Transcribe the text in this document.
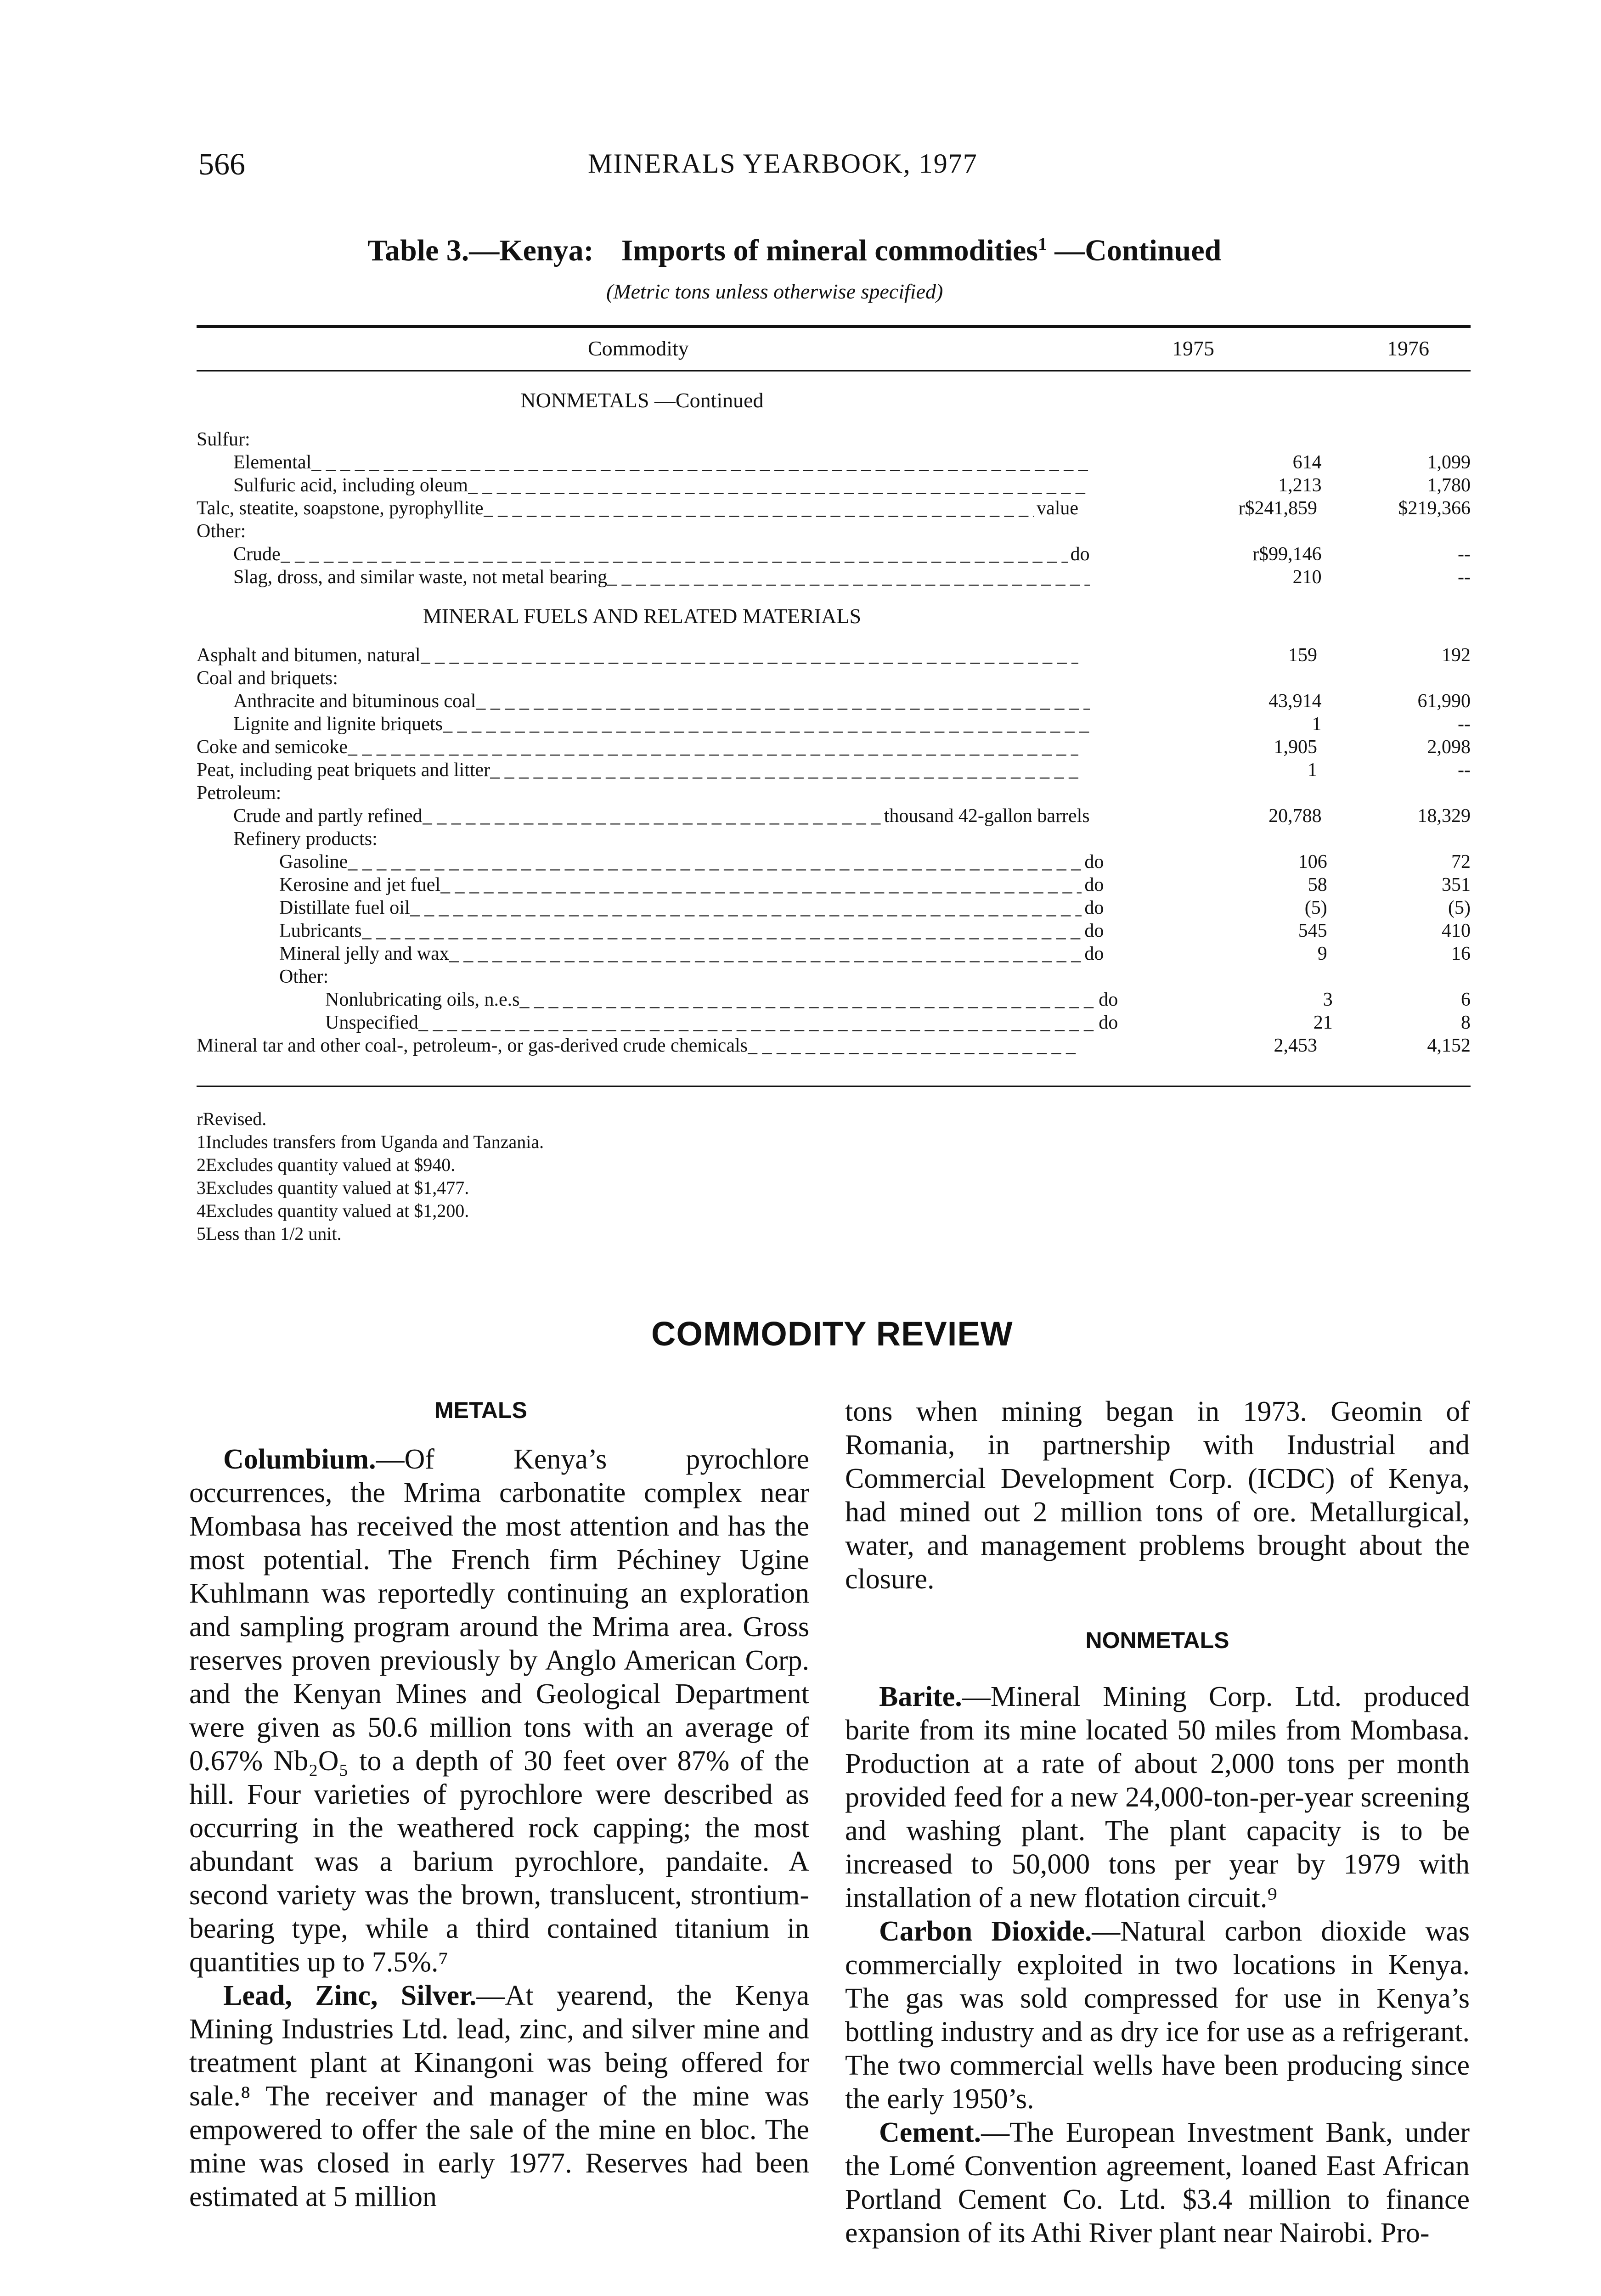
566	MINERALS YEARBOOK, 1977
Table 3.—Kenya: Imports of mineral commodities$^1$ —Continued
(Metric tons unless otherwise specified)
Commodity	1975	1976
NONMETALS —Continued
Sulfur:
Elemental _ _ _	614	1,099
Sulfuric acid, including oleum _ _ _	1,213	1,780
Talc, steatite, soapstone, pyrophyllite _ _ _	value	r$241,859	$219,366
Other:
Crude _ _ _	do	r$99,146	--
Slag, dross, and similar waste, not metal bearing _ _ _	210	--
MINERAL FUELS AND RELATED MATERIALS
Asphalt and bitumen, natural _ _ _	159	192
Coal and briquets:
Anthracite and bituminous coal _ _ _	43,914	61,990
Lignite and lignite briquets _ _ _	1	--
Coke and semicoke _ _ _	1,905	2,098
Peat, including peat briquets and litter _ _ _	1	--
Petroleum:
Crude and partly refined _ _ _	thousand 42-gallon barrels	20,788	18,329
Refinery products:
Gasoline _ _ _	do	106	72
Kerosine and jet fuel _ _ _	do	58	351
Distillate fuel oil _ _ _	do	(5)	(5)
Lubricants _ _ _	do	545	410
Mineral jelly and wax _ _ _	do	9	16
Other:
Nonlubricating oils, n.e.s _ _ _	do	3	6
Unspecified _ _ _	do	21	8
Mineral tar and other coal-, petroleum-, or gas-derived crude chemicals _ _ _	2,453	4,152
rRevised.
1Includes transfers from Uganda and Tanzania.
2Excludes quantity valued at $940.
3Excludes quantity valued at $1,477.
4Excludes quantity valued at $1,200.
5Less than 1/2 unit.
COMMODITY REVIEW
METALS

Columbium.—Of Kenya’s pyrochlore occurrences, the Mrima carbonatite complex near Mombasa has received the most attention and has the most potential. The French firm Péchiney Ugine Kuhlmann was reportedly continuing an exploration and sampling program around the Mrima area. Gross reserves proven previously by Anglo American Corp. and the Kenyan Mines and Geological Department were given as 50.6 million tons with an average of 0.67% Nb₂O₅ to a depth of 30 feet over 87% of the hill. Four varieties of pyrochlore were described as occurring in the weathered rock capping; the most abundant was a barium pyrochlore, pandaite. A second variety was the brown, translucent, strontium-bearing type, while a third contained titanium in quantities up to 7.5%.⁷

Lead, Zinc, Silver.—At yearend, the Kenya Mining Industries Ltd. lead, zinc, and silver mine and treatment plant at Kinangoni was being offered for sale.⁸ The receiver and manager of the mine was empowered to offer the sale of the mine en bloc. The mine was closed in early 1977. Reserves had been estimated at 5 million

tons when mining began in 1973. Geomin of Romania, in partnership with Industrial and Commercial Development Corp. (ICDC) of Kenya, had mined out 2 million tons of ore. Metallurgical, water, and management problems brought about the closure.

NONMETALS

Barite.—Mineral Mining Corp. Ltd. produced barite from its mine located 50 miles from Mombasa. Production at a rate of about 2,000 tons per month provided feed for a new 24,000-ton-per-year screening and washing plant. The plant capacity is to be increased to 50,000 tons per year by 1979 with installation of a new flotation circuit.⁹

Carbon Dioxide.—Natural carbon dioxide was commercially exploited in two locations in Kenya. The gas was sold compressed for use in Kenya’s bottling industry and as dry ice for use as a refrigerant. The two commercial wells have been producing since the early 1950’s.

Cement.—The European Investment Bank, under the Lomé Convention agreement, loaned East African Portland Cement Co. Ltd. $3.4 million to finance expansion of its Athi River plant near Nairobi. Pro-
